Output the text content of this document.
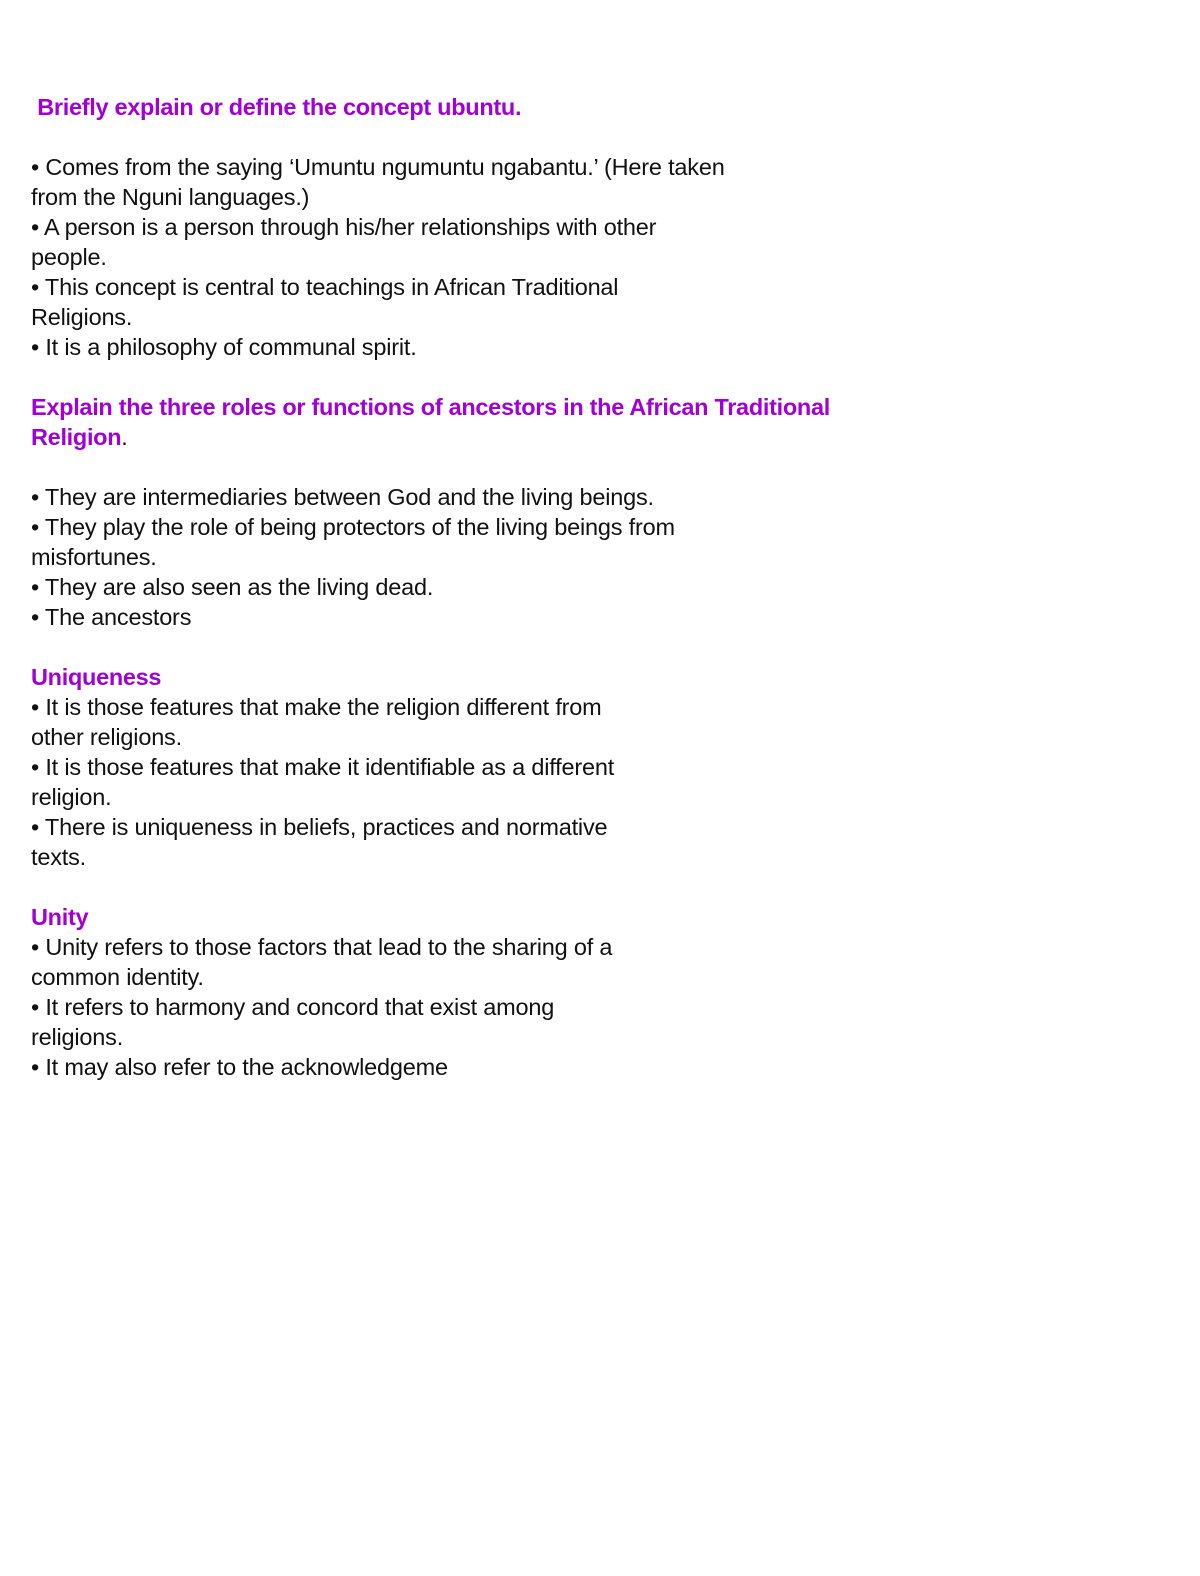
Briefly explain or define the concept ubuntu.
• Comes from the saying ‘Umuntu ngumuntu ngabantu.’ (Here taken
from the Nguni languages.)
• A person is a person through his/her relationships with other
people.
• This concept is central to teachings in African Traditional
Religions.
• It is a philosophy of communal spirit.
Explain the three roles or functions of ancestors in the African Traditional
Religion.
• They are intermediaries between God and the living beings.
• They play the role of being protectors of the living beings from
misfortunes.
• They are also seen as the living dead.
• The ancestors
Uniqueness
• It is those features that make the religion different from
other religions.
• It is those features that make it identifiable as a different
religion.
• There is uniqueness in beliefs, practices and normative
texts.
Unity
• Unity refers to those factors that lead to the sharing of a
common identity.
• It refers to harmony and concord that exist among
religions.
• It may also refer to the acknowledgeme
